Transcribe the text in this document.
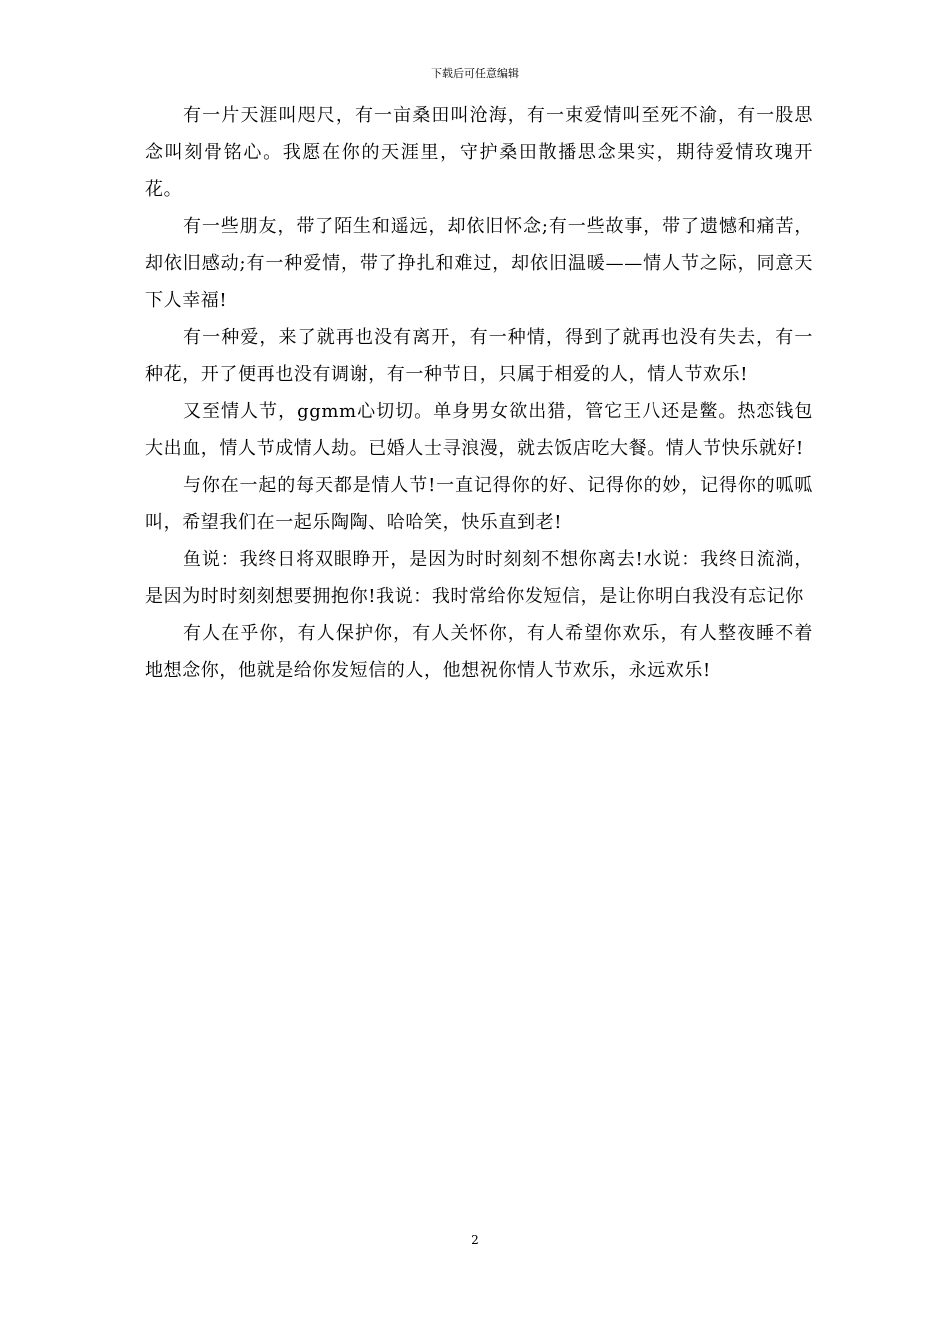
下载后可任意编辑

有一片天涯叫咫尺，有一亩桑田叫沧海，有一束爱情叫至死不渝，有一股思念叫刻骨铭心。我愿在你的天涯里，守护桑田散播思念果实，期待爱情玫瑰开花。

有一些朋友，带了陌生和遥远，却依旧怀念;有一些故事，带了遗憾和痛苦，却依旧感动;有一种爱情，带了挣扎和难过，却依旧温暖——情人节之际，同意天下人幸福!

有一种爱，来了就再也没有离开，有一种情，得到了就再也没有失去，有一种花，开了便再也没有调谢，有一种节日，只属于相爱的人，情人节欢乐!

又至情人节，ggmm心切切。单身男女欲出猎，管它王八还是鳖。热恋钱包大出血，情人节成情人劫。已婚人士寻浪漫，就去饭店吃大餐。情人节快乐就好!

与你在一起的每天都是情人节!一直记得你的好、记得你的妙，记得你的呱呱叫，希望我们在一起乐陶陶、哈哈笑，快乐直到老!

鱼说：我终日将双眼睁开，是因为时时刻刻不想你离去!水说：我终日流淌，是因为时时刻刻想要拥抱你!我说：我时常给你发短信，是让你明白我没有忘记你

有人在乎你，有人保护你，有人关怀你，有人希望你欢乐，有人整夜睡不着地想念你，他就是给你发短信的人，他想祝你情人节欢乐，永远欢乐!

2
